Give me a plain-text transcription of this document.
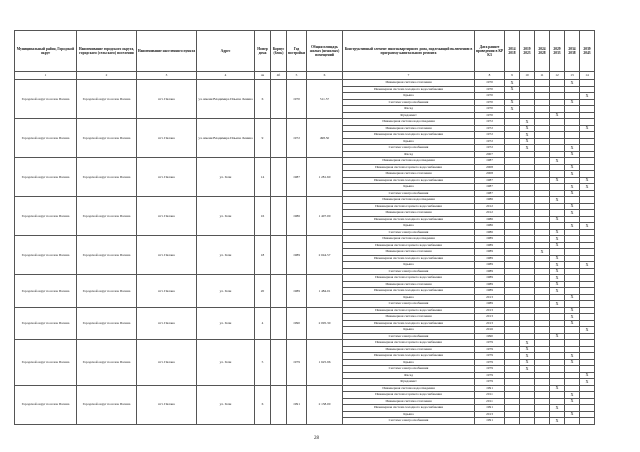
Муниципальный район, Городской округ	Наименование городского округа, городского (сельского) поселения	Наименование населенного пункта	Адрес	Номер дома	Корпус (блок)	Год постройки	Общая площадь жилых (нежилых) помещений	Конструктивный элемент многоквартирного дома, подлежащий включению в программу капитального ремонта	Дата раннее проведения в КР КЗ	2014 2018	2019 2023	2024 2028	2029 2033	2034 2038	2039 2043
1	2	3	4	4а	4б	5	6	7	8	9	10	11	12	13	14
Городской округ поселок Палана	Городской округ поселок Палана	пгт. Палана	ул. имени Владимира Ильича Ленина	6		1970	511.57	Инженерная система отопления	1970	X				X	
								Инженерная система холодного водоснабжения	1970	X					
								Крыша	1970						X
								Система электроснабжения	1970	X				X	
								Фасад	1970	X					
								Фундамент	1970				X		
Городской округ поселок Палана	Городской округ поселок Палана	пгт. Палана	ул. имени Владимира Ильича Ленина	9		1972	498.50	Инженерная система водоотведения	1972		X				
								Инженерная система отопления	1972		X				X
								Инженерная система холодного водоснабжения	1972		X				
								Крыша	1972		X				
								Система электроснабжения	1972		X			X	
								Фасад	2007					X	
Городской округ поселок Палана	Городской округ поселок Палана	пгт. Палана	ул. Гели	14		1987	1 281.60	Инженерная система водоотведения	1987				X		
								Инженерная система горячего водоснабжения	2008					X	
								Инженерная система отопления	2008					X	
								Инженерная система холодного водоснабжения	1987				X		X
								Крыша	1987					X	X
								Система электроснабжения	1987					X	
Городской округ поселок Палана	Городской округ поселок Палана	пгт. Палана	ул. Гели	16		1986	1 407.00	Инженерная система водоотведения	1986				X		
								Инженерная система горячего водоснабжения	2012					X	
								Инженерная система отопления	2012					X	
								Инженерная система холодного водоснабжения	1986				X		
								Крыша	1986					X	X
								Система электроснабжения	1986				X		
Городской округ поселок Палана	Городской округ поселок Палана	пгт. Палана	ул. Гели	18		1989	2 044.57	Инженерная система водоотведения	1989				X		
								Инженерная система горячего водоснабжения	1989				X		
								Инженерная система отопления	1989			X			
								Инженерная система холодного водоснабжения	1989				X		
								Крыша	1989				X		X
								Система электроснабжения	1989				X		
Городской округ поселок Палана	Городской округ поселок Палана	пгт. Палана	ул. Гели	20		1989	1 484.01	Инженерная система горячего водоснабжения	1989				X		
								Инженерная система отопления	1989				X		
								Инженерная система холодного водоснабжения	1989				X		
								Крыша	2013					X	
								Система электроснабжения	1989				X		
Городской округ поселок Палана	Городской округ поселок Палана	пгт. Палана	ул. Гели	4		1990	2 095.30	Инженерная система горячего водоснабжения	2013					X	
								Инженерная система отопления	2013					X	
								Инженерная система холодного водоснабжения	2013					X	
								Крыша	2016						X
								Система электроснабжения	1990				X		
Городской округ поселок Палана	Городской округ поселок Палана	пгт. Палана	ул. Гели	5		1979	1 625.96	Инженерная система горячего водоснабжения	1979		X				
								Инженерная система отопления	1979		X				
								Инженерная система холодного водоснабжения	1979		X			X	
								Крыша	1979		X			X	
								Система электроснабжения	1979		X				
								Фасад	1979						X
								Фундамент	1979						X
Городской округ поселок Палана	Городской округ поселок Палана	пгт. Палана	ул. Гели	6		1991	2 138.00	Инженерная система водоотведения	1991				X		
								Инженерная система горячего водоснабжения	2011					X	
								Инженерная система отопления	2011					X	
								Инженерная система холодного водоснабжения	1991				X		
								Крыша	2013					X	
								Система электроснабжения	1991				X		
28
